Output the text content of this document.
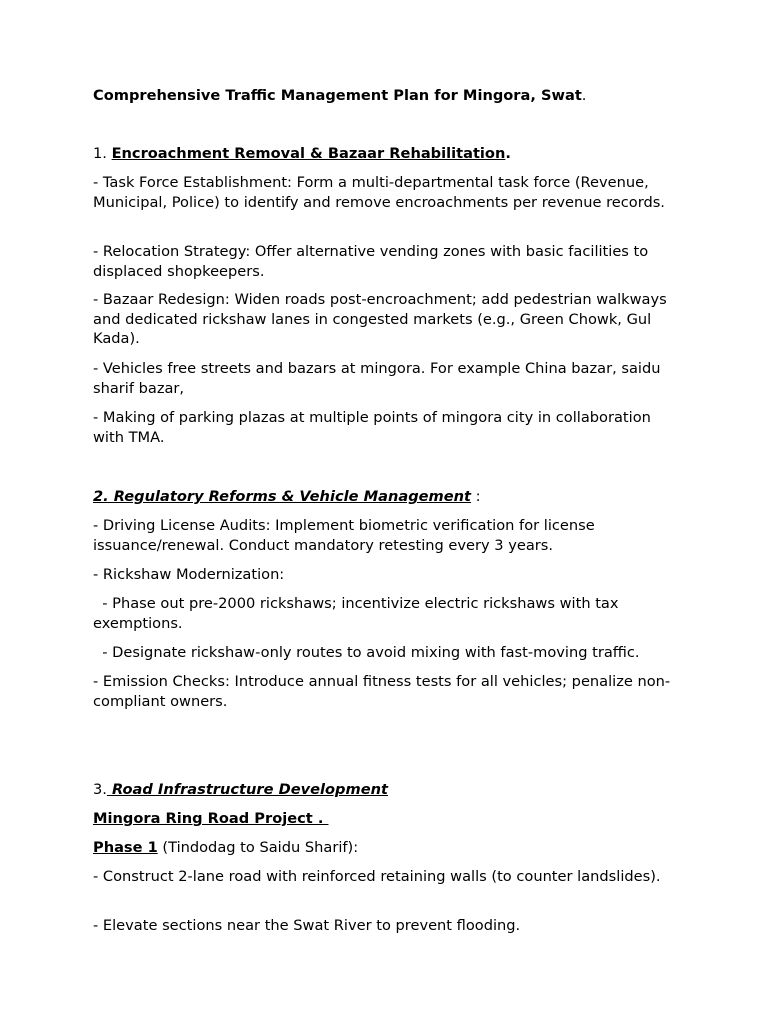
Comprehensive Traffic Management Plan for Mingora, Swat.

1. Encroachment Removal & Bazaar Rehabilitation.

- Task Force Establishment: Form a multi-departmental task force (Revenue, Municipal, Police) to identify and remove encroachments per revenue records.

- Relocation Strategy: Offer alternative vending zones with basic facilities to displaced shopkeepers.

- Bazaar Redesign: Widen roads post-encroachment; add pedestrian walkways and dedicated rickshaw lanes in congested markets (e.g., Green Chowk, Gul Kada).

- Vehicles free streets and bazars at mingora. For example China bazar, saidu sharif bazar,

- Making of parking plazas at multiple points of mingora city in collaboration with TMA.

2. Regulatory Reforms & Vehicle Management :

- Driving License Audits: Implement biometric verification for license issuance/renewal. Conduct mandatory retesting every 3 years.

- Rickshaw Modernization:

- Phase out pre-2000 rickshaws; incentivize electric rickshaws with tax exemptions.

- Designate rickshaw-only routes to avoid mixing with fast-moving traffic.

- Emission Checks: Introduce annual fitness tests for all vehicles; penalize non-compliant owners.

3. Road Infrastructure Development

Mingora Ring Road Project .

Phase 1 (Tindodag to Saidu Sharif):

- Construct 2-lane road with reinforced retaining walls (to counter landslides).

- Elevate sections near the Swat River to prevent flooding.
